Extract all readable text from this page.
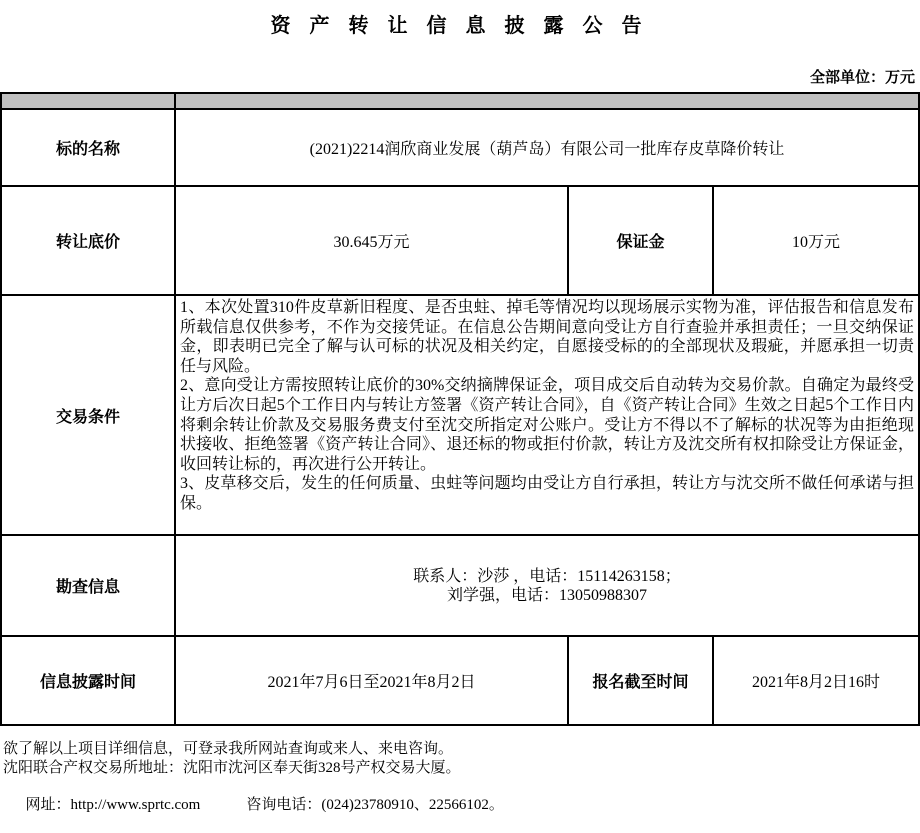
资 产 转 让 信 息 披 露 公 告
全部单位：万元

标的名称	(2021)2214润欣商业发展（葫芦岛）有限公司一批库存皮草降价转让		
转让底价	30.645万元	保证金	10万元
交易条件	1、本次处置310件皮草新旧程度、是否虫蛀、掉毛等情况均以现场展示实物为准，评估报告和信息发布所载信息仅供参考，不作为交接凭证。在信息公告期间意向受让方自行查验并承担责任；一旦交纳保证金，即表明已完全了解与认可标的状况及相关约定，自愿接受标的的全部现状及瑕疵，并愿承担一切责任与风险。

2、意向受让方需按照转让底价的30%交纳摘牌保证金，项目成交后自动转为交易价款。自确定为最终受让方后次日起5个工作日内与转让方签署《资产转让合同》，自《资产转让合同》生效之日起5个工作日内将剩余转让价款及交易服务费支付至沈交所指定对公账户。受让方不得以不了解标的状况等为由拒绝现状接收、拒绝签署《资产转让合同》、退还标的物或拒付价款，转让方及沈交所有权扣除受让方保证金，收回转让标的，再次进行公开转让。

3、皮草移交后，发生的任何质量、虫蛀等问题均由受让方自行承担，转让方与沈交所不做任何承诺与担保。		

勘查信息	联系人：沙莎 ，电话：15114263158；
刘学强，电话：13050988307		

信息披露时间	2021年7月6日至2021年8月2日	报名截至时间	2021年8月2日16时
欲了解以上项目详细信息，可登录我所网站查询或来人、来电咨询。
沈阳联合产权交易所地址：沈阳市沈河区奉天街328号产权交易大厦。

网址：http://www.sprtc.com	咨询电话：(024)23780910、22566102。
